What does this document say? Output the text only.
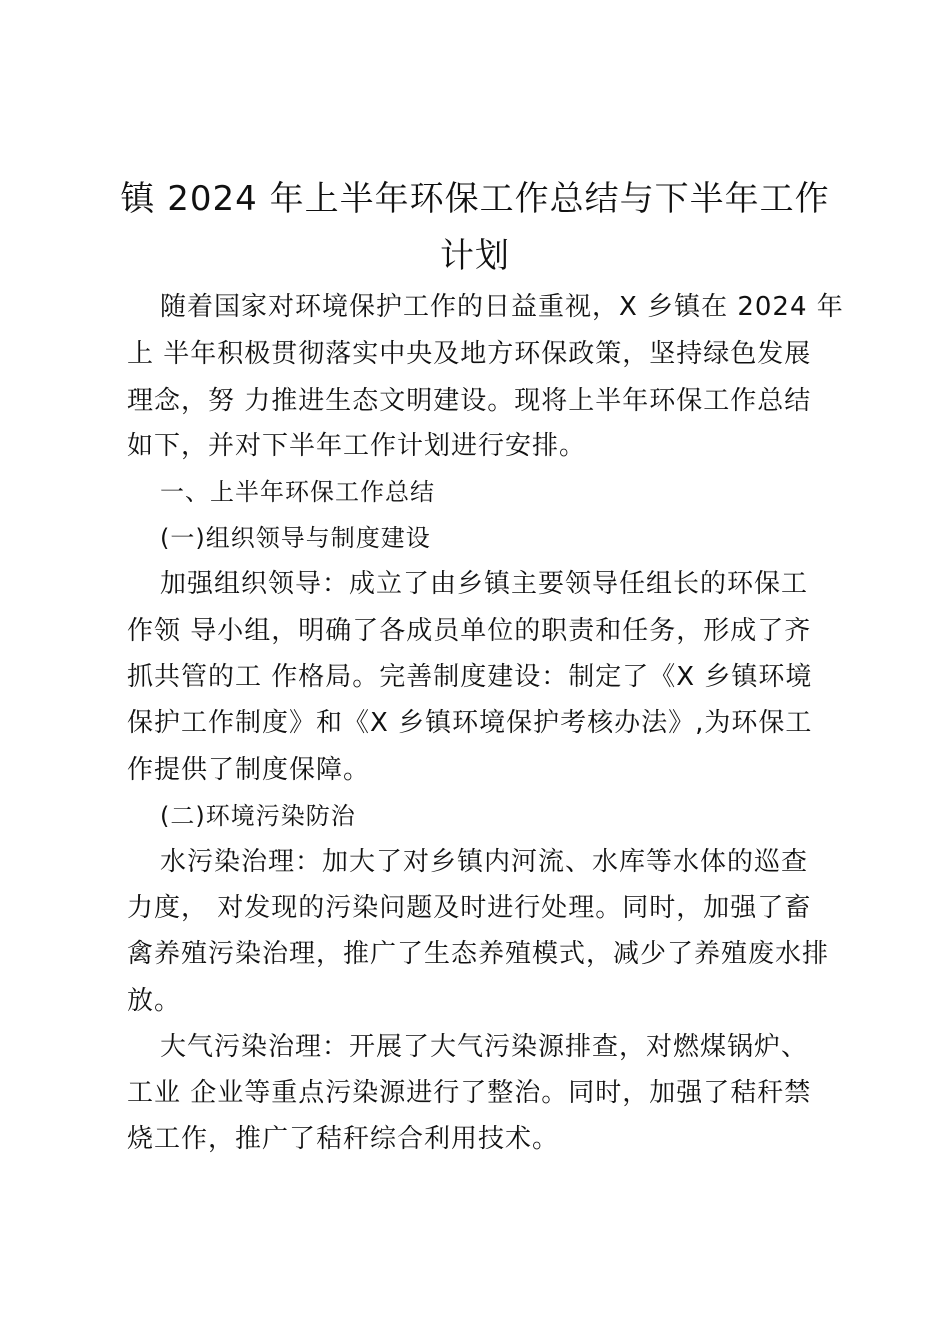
镇 2024 年上半年环保工作总结与下半年工作
计划
随着国家对环境保护工作的日益重视，X 乡镇在 2024 年
上 半年积极贯彻落实中央及地方环保政策，坚持绿色发展
理念，努 力推进生态文明建设。现将上半年环保工作总结
如下，并对下半年工作计划进行安排。
一、上半年环保工作总结
(一)组织领导与制度建设
加强组织领导：成立了由乡镇主要领导任组长的环保工
作领 导小组，明确了各成员单位的职责和任务，形成了齐
抓共管的工 作格局。完善制度建设：制定了《X 乡镇环境
保护工作制度》和《X 乡镇环境保护考核办法》,为环保工
作提供了制度保障。
(二)环境污染防治
水污染治理：加大了对乡镇内河流、水库等水体的巡查
力度， 对发现的污染问题及时进行处理。同时，加强了畜
禽养殖污染治理，推广了生态养殖模式，减少了养殖废水排
放。
大气污染治理：开展了大气污染源排查，对燃煤锅炉、
工业 企业等重点污染源进行了整治。同时，加强了秸秆禁
烧工作，推广了秸秆综合利用技术。
